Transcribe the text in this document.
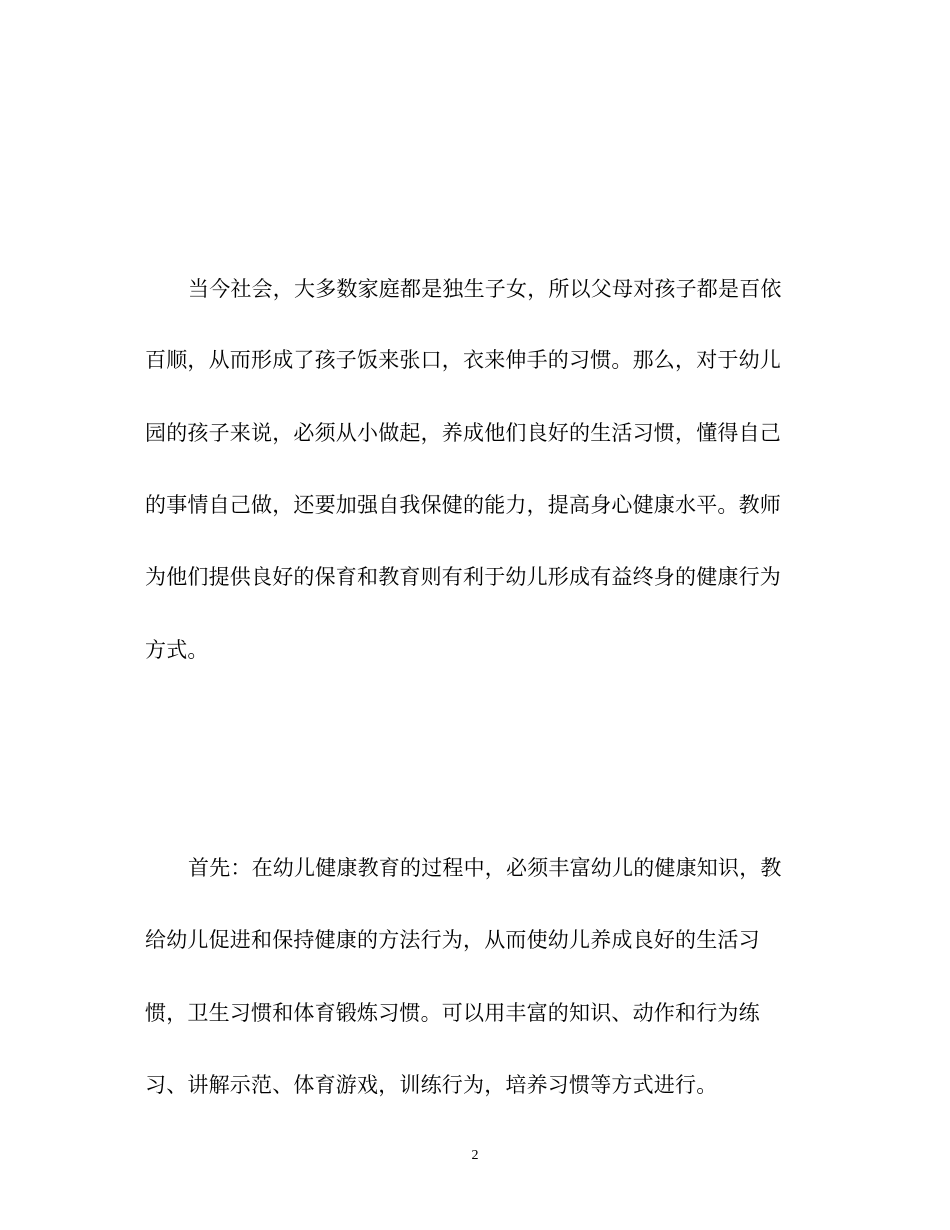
当今社会，大多数家庭都是独生子女，所以父母对孩子都是百依

百顺，从而形成了孩子饭来张口，衣来伸手的习惯。那么，对于幼儿

园的孩子来说，必须从小做起，养成他们良好的生活习惯，懂得自己

的事情自己做，还要加强自我保健的能力，提高身心健康水平。教师

为他们提供良好的保育和教育则有利于幼儿形成有益终身的健康行为

方式。

首先：在幼儿健康教育的过程中，必须丰富幼儿的健康知识，教

给幼儿促进和保持健康的方法行为，从而使幼儿养成良好的生活习

惯，卫生习惯和体育锻炼习惯。可以用丰富的知识、动作和行为练

习、讲解示范、体育游戏，训练行为，培养习惯等方式进行。

2
